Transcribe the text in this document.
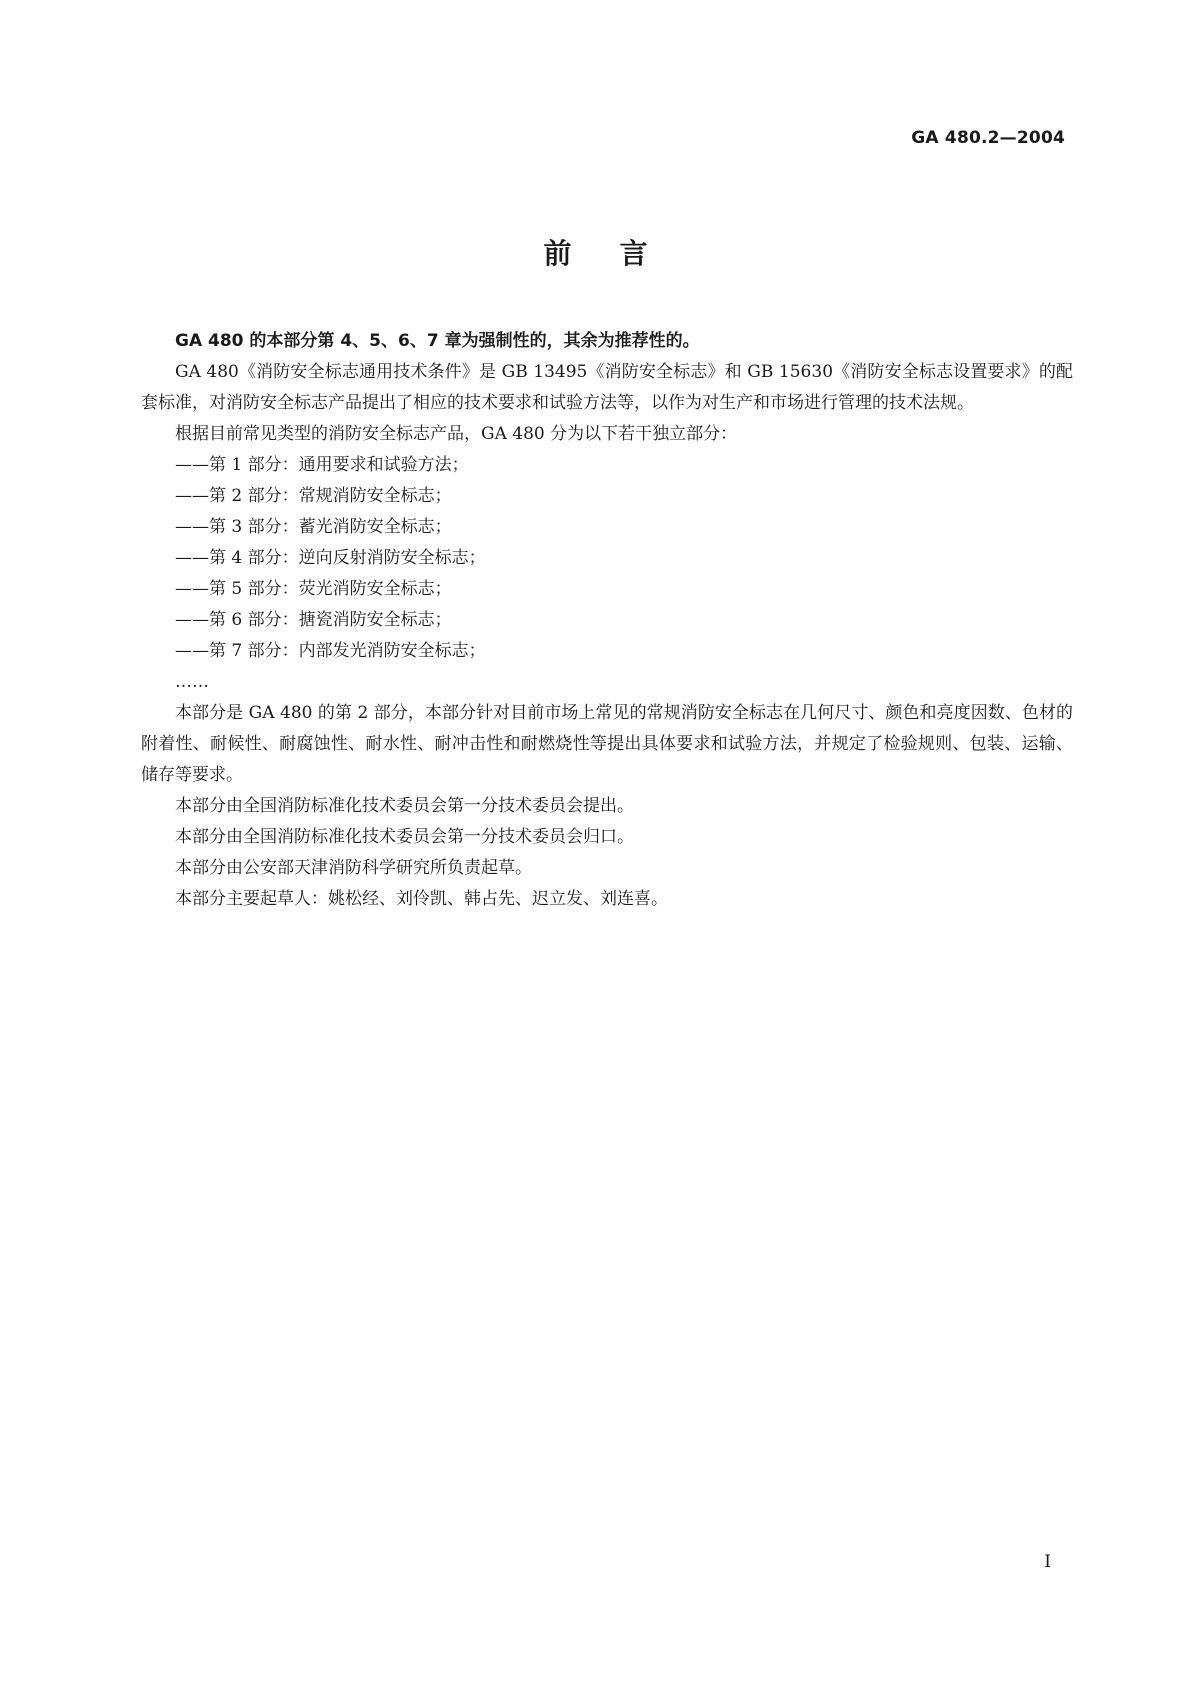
GA 480.2—2004
前言

GA 480 的本部分第 4、5、6、7 章为强制性的，其余为推荐性的。

GA 480《消防安全标志通用技术条件》是 GB 13495《消防安全标志》和 GB 15630《消防安全标志设置要求》的配套标准，对消防安全标志产品提出了相应的技术要求和试验方法等，以作为对生产和市场进行管理的技术法规。

根据目前常见类型的消防安全标志产品，GA 480 分为以下若干独立部分：

——第 1 部分：通用要求和试验方法；
——第 2 部分：常规消防安全标志；
——第 3 部分：蓄光消防安全标志；
——第 4 部分：逆向反射消防安全标志；
——第 5 部分：荧光消防安全标志；
——第 6 部分：搪瓷消防安全标志；
——第 7 部分：内部发光消防安全标志；
……

本部分是 GA 480 的第 2 部分，本部分针对目前市场上常见的常规消防安全标志在几何尺寸、颜色和亮度因数、色材的附着性、耐候性、耐腐蚀性、耐水性、耐冲击性和耐燃烧性等提出具体要求和试验方法，并规定了检验规则、包装、运输、储存等要求。

本部分由全国消防标准化技术委员会第一分技术委员会提出。

本部分由全国消防标准化技术委员会第一分技术委员会归口。

本部分由公安部天津消防科学研究所负责起草。

本部分主要起草人：姚松经、刘伶凯、韩占先、迟立发、刘连喜。

I
